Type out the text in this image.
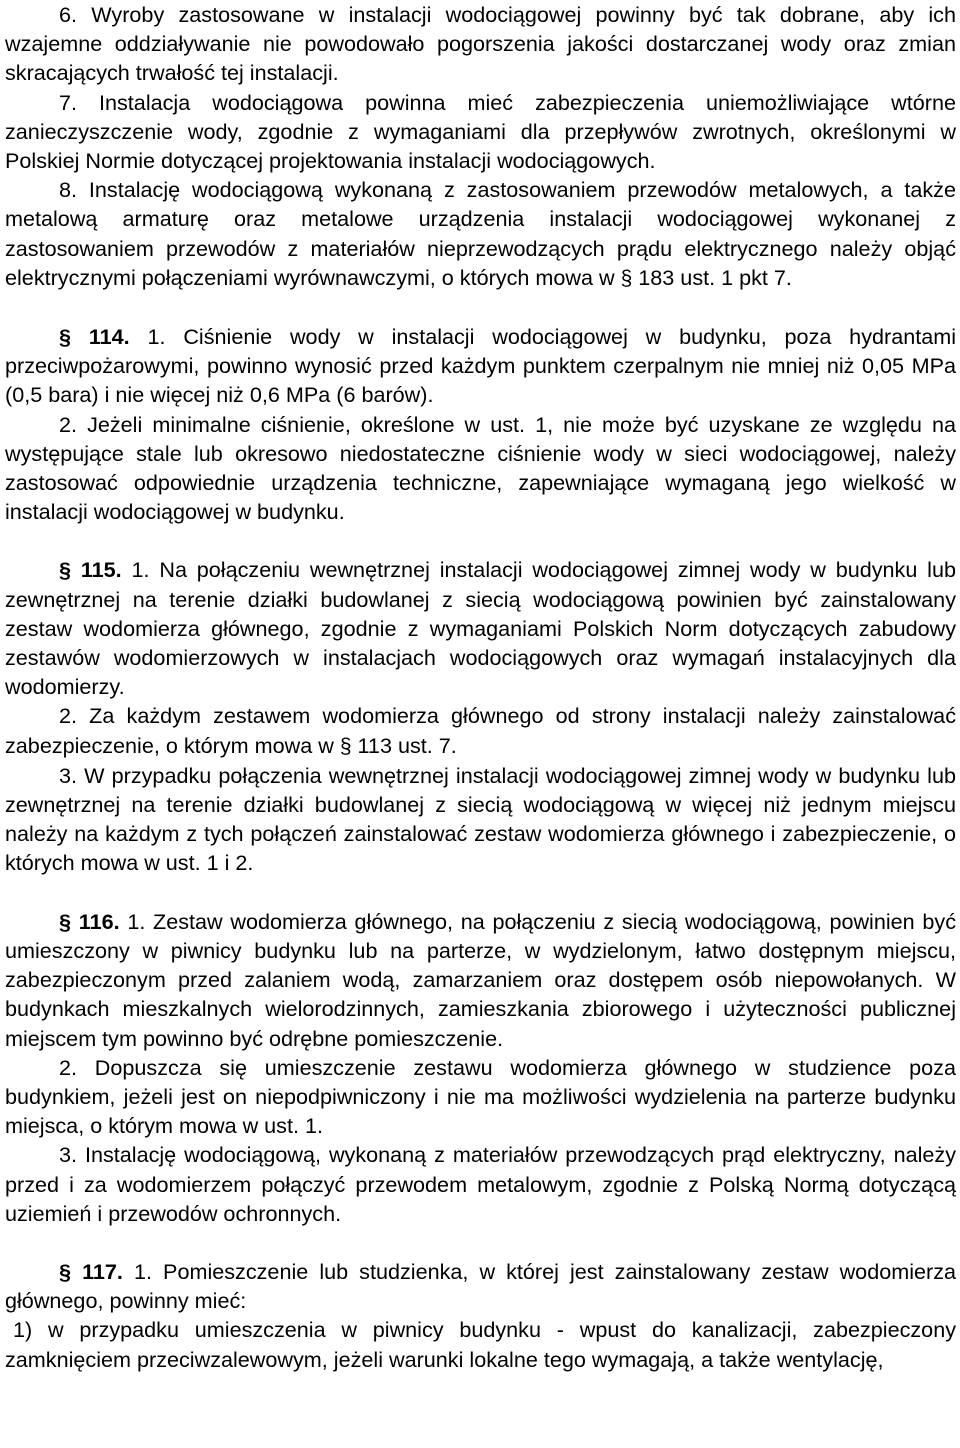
6. Wyroby zastosowane w instalacji wodociągowej powinny być tak dobrane, aby ich wzajemne oddziaływanie nie powodowało pogorszenia jakości dostarczanej wody oraz zmian skracających trwałość tej instalacji.

7. Instalacja wodociągowa powinna mieć zabezpieczenia uniemożliwiające wtórne zanieczyszczenie wody, zgodnie z wymaganiami dla przepływów zwrotnych, określonymi w Polskiej Normie dotyczącej projektowania instalacji wodociągowych.

8. Instalację wodociągową wykonaną z zastosowaniem przewodów metalowych, a także metalową armaturę oraz metalowe urządzenia instalacji wodociągowej wykonanej z zastosowaniem przewodów z materiałów nieprzewodzących prądu elektrycznego należy objąć elektrycznymi połączeniami wyrównawczymi, o których mowa w § 183 ust. 1 pkt 7.

§ 114. 1. Ciśnienie wody w instalacji wodociągowej w budynku, poza hydrantami przeciwpożarowymi, powinno wynosić przed każdym punktem czerpalnym nie mniej niż 0,05 MPa (0,5 bara) i nie więcej niż 0,6 MPa (6 barów).

2. Jeżeli minimalne ciśnienie, określone w ust. 1, nie może być uzyskane ze względu na występujące stale lub okresowo niedostateczne ciśnienie wody w sieci wodociągowej, należy zastosować odpowiednie urządzenia techniczne, zapewniające wymaganą jego wielkość w instalacji wodociągowej w budynku.

§ 115. 1. Na połączeniu wewnętrznej instalacji wodociągowej zimnej wody w budynku lub zewnętrznej na terenie działki budowlanej z siecią wodociągową powinien być zainstalowany zestaw wodomierza głównego, zgodnie z wymaganiami Polskich Norm dotyczących zabudowy zestawów wodomierzowych w instalacjach wodociągowych oraz wymagań instalacyjnych dla wodomierzy.

2. Za każdym zestawem wodomierza głównego od strony instalacji należy zainstalować zabezpieczenie, o którym mowa w § 113 ust. 7.

3. W przypadku połączenia wewnętrznej instalacji wodociągowej zimnej wody w budynku lub zewnętrznej na terenie działki budowlanej z siecią wodociągową w więcej niż jednym miejscu należy na każdym z tych połączeń zainstalować zestaw wodomierza głównego i zabezpieczenie, o których mowa w ust. 1 i 2.

§ 116. 1. Zestaw wodomierza głównego, na połączeniu z siecią wodociągową, powinien być umieszczony w piwnicy budynku lub na parterze, w wydzielonym, łatwo dostępnym miejscu, zabezpieczonym przed zalaniem wodą, zamarzaniem oraz dostępem osób niepowołanych. W budynkach mieszkalnych wielorodzinnych, zamieszkania zbiorowego i użyteczności publicznej miejscem tym powinno być odrębne pomieszczenie.

2. Dopuszcza się umieszczenie zestawu wodomierza głównego w studzience poza budynkiem, jeżeli jest on niepodpiwniczony i nie ma możliwości wydzielenia na parterze budynku miejsca, o którym mowa w ust. 1.

3. Instalację wodociągową, wykonaną z materiałów przewodzących prąd elektryczny, należy przed i za wodomierzem połączyć przewodem metalowym, zgodnie z Polską Normą dotyczącą uziemień i przewodów ochronnych.

§ 117. 1. Pomieszczenie lub studzienka, w której jest zainstalowany zestaw wodomierza głównego, powinny mieć:

1) w przypadku umieszczenia w piwnicy budynku - wpust do kanalizacji, zabezpieczony zamknięciem przeciwzalewowym, jeżeli warunki lokalne tego wymagają, a także wentylację,
